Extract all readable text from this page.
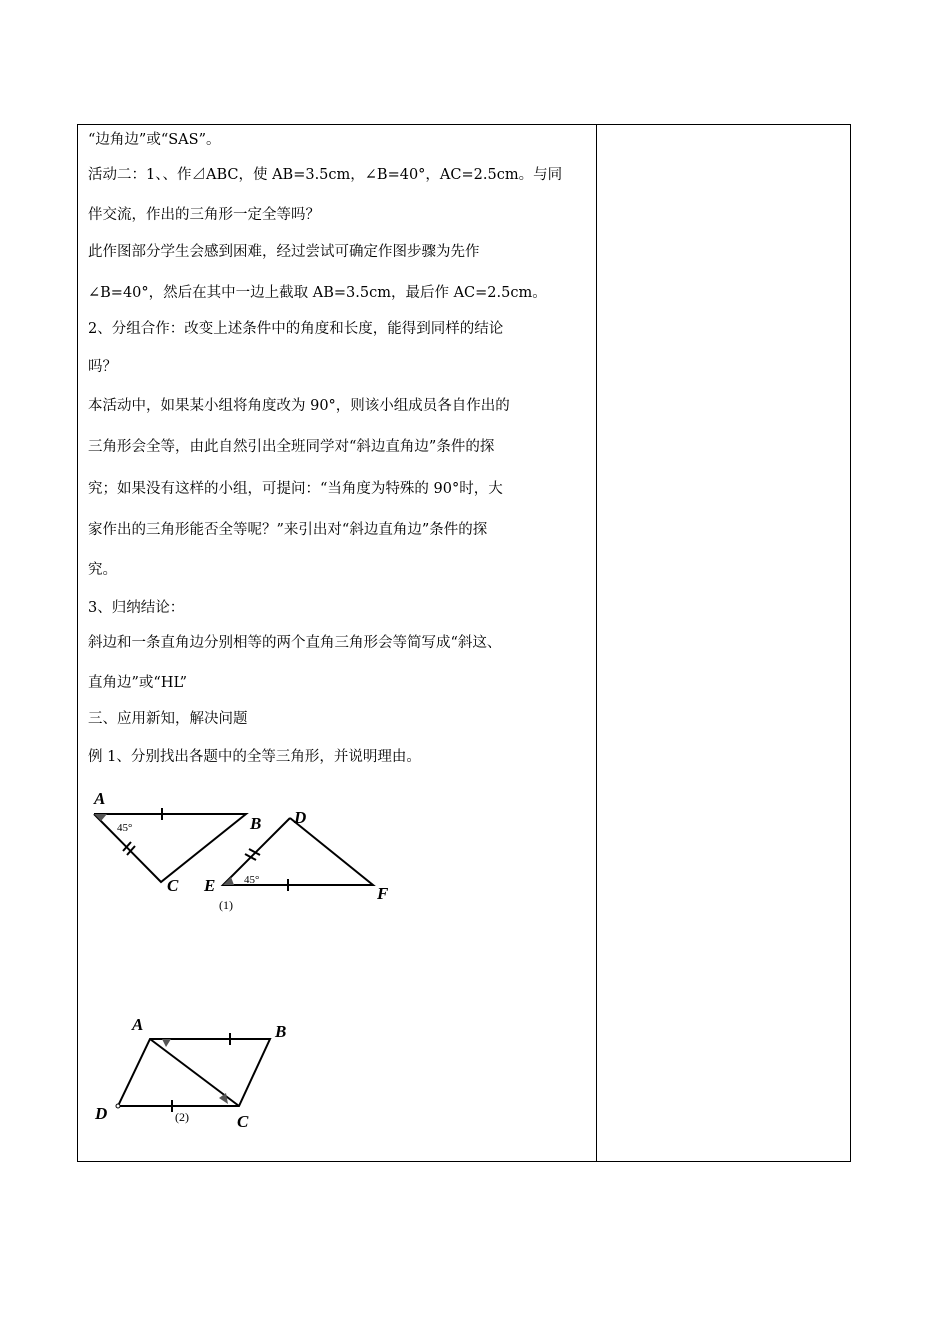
“边角边”或“SAS”。
活动二：1、、作⊿ABC，使 AB=3.5cm，∠B=40°，AC=2.5cm。与同
伴交流，作出的三角形一定全等吗？
此作图部分学生会感到困难，经过尝试可确定作图步骤为先作
∠B=40°，然后在其中一边上截取 AB=3.5cm，最后作 AC=2.5cm。
2、分组合作：改变上述条件中的角度和长度，能得到同样的结论
吗？
本活动中，如果某小组将角度改为 90°，则该小组成员各自作出的
三角形会全等，由此自然引出全班同学对“斜边直角边”条件的探
究；如果没有这样的小组，可提问：“当角度为特殊的 90°时，大
家作出的三角形能否全等呢？”来引出对“斜边直角边”条件的探
究。
3、归纳结论：
斜边和一条直角边分别相等的两个直角三角形会等简写成“斜这、
直角边”或“HL”
三、应用新知，解决问题
例 1、分别找出各题中的全等三角形，并说明理由。
A
B
C
D
E	F
45°
45°
(1)
A	B
C
D	(2)
